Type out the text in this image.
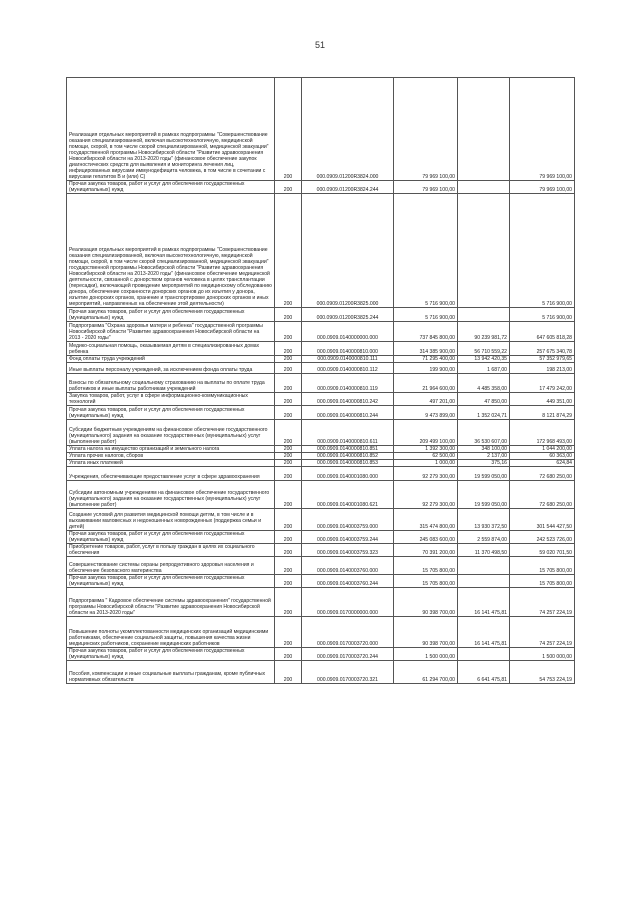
51
Реализация отдельных мероприятий в рамках подпрограммы "Совершенствование оказания специализированной, включая высокотехнологичную, медицинской помощи, скорой, в том числе скорой специализированной, медицинской эвакуации" государственной программы Новосибирской области "Развитие здравоохранения Новосибирской области на 2013-2020 годы" (финансовое обеспечение закупок диагностических средств для выявления и мониторинга лечения лиц, инфицированных вирусами иммунодефицита человека, в том числе в сочетании с вирусами гепатитов B и (или) C)	200	000.0909.01200R3824.000	79 969 100,00		79 969 100,00
Прочая закупка товаров, работ и услуг для обеспечения государственных (муниципальных) нужд	200	000.0909.01200R3824.244	79 969 100,00		79 969 100,00
Реализация отдельных мероприятий в рамках подпрограммы "Совершенствование оказания специализированной, включая высокотехнологичную, медицинской помощи, скорой, в том числе скорой специализированной, медицинской эвакуации" государственной программы Новосибирской области "Развитие здравоохранения Новосибирской области на 2013-2020 годы" (финансовое обеспечение медицинской деятельности, связанной с донорством органов человека в целях трансплантации (пересадки), включающей проведение мероприятий по медицинскому обследованию донора, обеспечение сохранности донорских органов до их изъятия у донора, изъятие донорских органов, хранение и транспортировке донорских органов и иных мероприятий, направленных на обеспечение этой деятельности)	200	000.0909.01200R3825.000	5 716 900,00		5 716 900,00
Прочая закупка товаров, работ и услуг для обеспечения государственных (муниципальных) нужд	200	000.0909.01200R3825.244	5 716 900,00		5 716 900,00
Подпрограмма "Охрана здоровья матери и ребенка" государственной программы Новосибирской области "Развитие здравоохранения Новосибирской области на 2013 - 2020 годы"	200	000.0909.0140000000.000	737 845 800,00	90 239 981,72	647 605 818,28
Медико-социальная помощь, оказываемая детям в специализированных домах ребенка	200	000.0909.0140000810.000	314 385 900,00	56 710 559,22	257 675 340,78
Фонд оплаты труда учреждений	200	000.0909.0140000810.111	71 295 400,00	13 942 420,35	57 352 979,65
Иные выплаты персоналу учреждений, за исключением фонда оплаты труда	200	000.0909.0140000810.112	199 900,00	1 687,00	198 213,00
Взносы по обязательному социальному страхованию на выплаты по оплате труда работников и иные выплаты работникам учреждений	200	000.0909.0140000810.119	21 964 600,00	4 485 358,00	17 479 242,00
Закупка товаров, работ, услуг в сфере информационно-коммуникационных технологий	200	000.0909.0140000810.242	497 201,00	47 850,00	449 351,00
Прочая закупка товаров, работ и услуг для обеспечения государственных (муниципальных) нужд	200	000.0909.0140000810.244	9 473 899,00	1 352 024,71	8 121 874,29
Субсидии бюджетным учреждениям на финансовое обеспечение государственного (муниципального) задания на оказание государственных (муниципальных) услуг (выполнение работ)	200	000.0909.0140000810.611	209 499 100,00	36 530 607,00	172 968 493,00
Уплата налога на имущество организаций и земельного налога	200	000.0909.0140000810.851	1 392 300,00	348 100,00	1 044 200,00
Уплата прочих налогов, сборов	200	000.0909.0140000810.852	62 500,00	2 137,00	60 363,00
Уплата иных платежей	200	000.0909.0140000810.853	1 000,00	375,16	624,84
Учреждения, обеспечивающие предоставление услуг в сфере здравоохранения	200	000.0909.0140001080.000	92 279 300,00	19 599 050,00	72 680 250,00
Субсидии автономным учреждениям на финансовое обеспечение государственного (муниципального) задания на оказание государственных (муниципальных) услуг (выполнение работ)	200	000.0909.0140001080.621	92 279 300,00	19 599 050,00	72 680 250,00
Создание условий для развития медицинской помощи детям, в том числе и в выхаживании маловесных и недоношенных новорожденных (поддержка семьи и детей)	200	000.0909.0140003759.000	315 474 800,00	13 930 372,50	301 544 427,50
Прочая закупка товаров, работ и услуг для обеспечения государственных (муниципальных) нужд	200	000.0909.0140003759.244	245 083 600,00	2 559 874,00	242 523 726,00
Приобретение товаров, работ, услуг в пользу граждан в целях их социального обеспечения	200	000.0909.0140003759.323	70 391 200,00	11 370 498,50	59 020 701,50
Совершенствование системы охраны репродуктивного здоровья населения и обеспечение безопасного материнства	200	000.0909.0140003760.000	15 705 800,00		15 705 800,00
Прочая закупка товаров, работ и услуг для обеспечения государственных (муниципальных) нужд	200	000.0909.0140003760.244	15 705 800,00		15 705 800,00
Подпрограмма " Кадровое обеспечение системы здравоохранения" государственной программы Новосибирской области "Развитие здравоохранения Новосибирской области на 2013-2020 годы"	200	000.0909.0170000000.000	90 398 700,00	16 141 475,81	74 257 224,19
Повышение полноты укомплектованности медицинских организаций медицинскими работниками, обеспечение социальной защиты, повышения качества жизни медицинских работников, сохранение медицинских работников	200	000.0909.0170003720.000	90 398 700,00	16 141 475,81	74 257 224,19
Прочая закупка товаров, работ и услуг для обеспечения государственных (муниципальных) нужд	200	000.0909.0170003720.244	1 500 000,00		1 500 000,00
Пособия, компенсации и иные социальные выплаты гражданам, кроме публичных нормативных обязательств	200	000.0909.0170003720.321	61 294 700,00	6 641 475,81	54 753 224,19
